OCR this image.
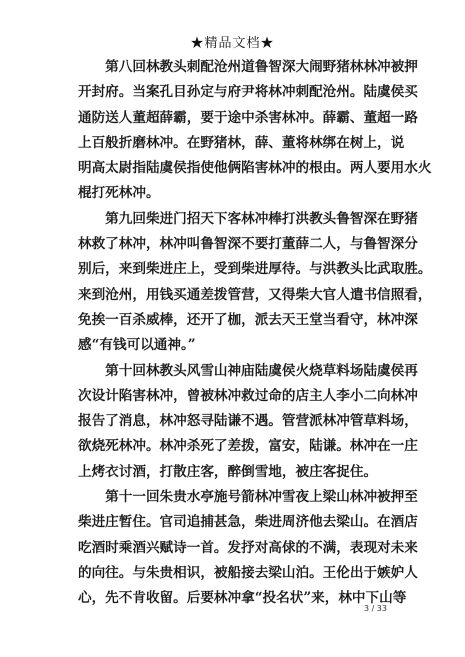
★精品文档★
　　第八回林教头刺配沧州道鲁智深大闹野猪林林冲被押
开封府。当案孔目孙定与府尹将林冲刺配沧州。陆虞侯买
通防送人董超薛霸，要于途中杀害林冲。薛霸、董超一路
上百般折磨林冲。在野猪林，薛、董将林绑在树上，说
明高太尉指陆虞侯指使他俩陷害林冲的根由。两人要用水火
棍打死林冲。
　　第九回柴进门招天下客林冲棒打洪教头鲁智深在野猪
林救了林冲，林冲叫鲁智深不要打董薛二人，与鲁智深分
别后，来到柴进庄上，受到柴进厚待。与洪教头比武取胜。
来到沧州，用钱买通差拨管营，又得柴大官人遣书信照看，
免挨一百杀威棒，还开了枷，派去天王堂当看守，林冲深
感“有钱可以通神。”
　　第十回林教头风雪山神庙陆虞侯火烧草料场陆虞侯再
次设计陷害林冲，曾被林冲救过命的店主人李小二向林冲
报告了消息，林冲怒寻陆谦不遇。管营派林冲管草料场，
欲烧死林冲。林冲杀死了差拨，富安，陆谦。林冲在一庄
上烤衣讨酒，打散庄客，醉倒雪地，被庄客捉住。
　　第十一回朱贵水亭施号箭林冲雪夜上梁山林冲被押至
柴进庄暂住。官司追捕甚急，柴进周济他去梁山。在酒店
吃酒时乘酒兴赋诗一首。发抒对高俅的不满，表现对未来
的向往。与朱贵相识，被船接去梁山泊。王伦出于嫉妒人
心，先不肯收留。后要林冲拿“投名状”来，林中下山等
3 / 33
